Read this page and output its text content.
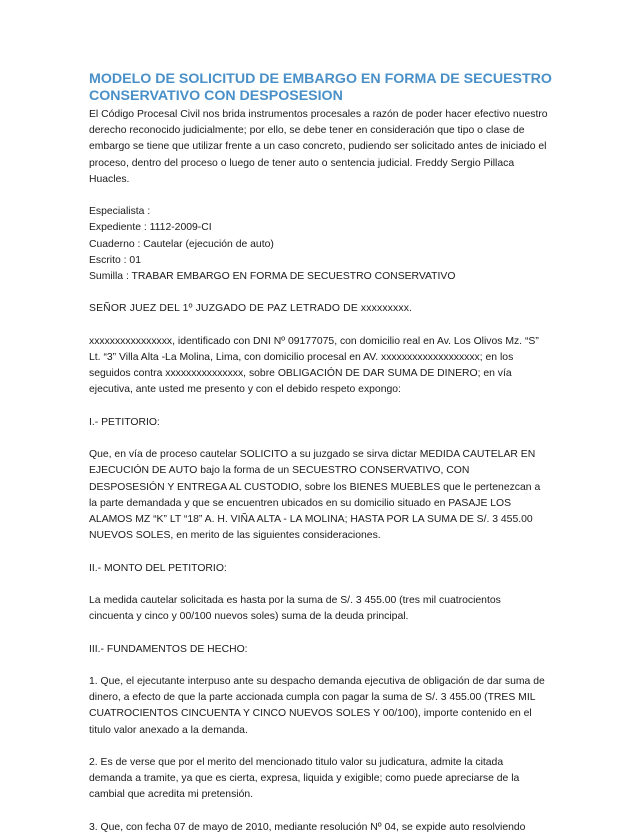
MODELO DE SOLICITUD DE EMBARGO EN FORMA DE SECUESTRO
CONSERVATIVO CON DESPOSESION
El Código Procesal Civil nos brida instrumentos procesales a razón de poder hacer efectivo nuestro
derecho reconocido judicialmente; por ello, se debe tener en consideración que tipo o clase de
embargo se tiene que utilizar frente a un caso concreto, pudiendo ser solicitado antes de iniciado el
proceso, dentro del proceso o luego de tener auto o sentencia judicial. Freddy Sergio Pillaca
Huacles.
Especialista :
Expediente : 1112-2009-CI
Cuaderno : Cautelar (ejecución de auto)
Escrito : 01
Sumilla : TRABAR EMBARGO EN FORMA DE SECUESTRO CONSERVATIVO
SEÑOR JUEZ DEL 1º JUZGADO DE PAZ LETRADO DE xxxxxxxxx.
xxxxxxxxxxxxxxxx, identificado con DNI Nº 09177075, con domicilio real en Av. Los Olivos Mz. “S”
Lt. “3” Villa Alta -La Molina, Lima, con domicilio procesal en AV. xxxxxxxxxxxxxxxxxxx; en los
seguidos contra xxxxxxxxxxxxxxx, sobre OBLIGACIÓN DE DAR SUMA DE DINERO; en vía
ejecutiva, ante usted me presento y con el debido respeto expongo:
I.- PETITORIO:
Que, en vía de proceso cautelar SOLICITO a su juzgado se sirva dictar MEDIDA CAUTELAR EN
EJECUCIÓN DE AUTO bajo la forma de un SECUESTRO CONSERVATIVO, CON
DESPOSESIÓN Y ENTREGA AL CUSTODIO, sobre los BIENES MUEBLES que le pertenezcan a
la parte demandada y que se encuentren ubicados en su domicilio situado en PASAJE LOS
ALAMOS MZ “K” LT “18” A. H. VIÑA ALTA - LA MOLINA; HASTA POR LA SUMA DE S/. 3 455.00
NUEVOS SOLES, en merito de las siguientes consideraciones.
II.- MONTO DEL PETITORIO:
La medida cautelar solicitada es hasta por la suma de S/. 3 455.00 (tres mil cuatrocientos
cincuenta y cinco y 00/100 nuevos soles) suma de la deuda principal.
III.- FUNDAMENTOS DE HECHO:
1. Que, el ejecutante interpuso ante su despacho demanda ejecutiva de obligación de dar suma de
dinero, a efecto de que la parte accionada cumpla con pagar la suma de S/. 3 455.00 (TRES MIL
CUATROCIENTOS CINCUENTA Y CINCO NUEVOS SOLES Y 00/100), importe contenido en el
titulo valor anexado a la demanda.
2. Es de verse que por el merito del mencionado titulo valor su judicatura, admite la citada
demanda a tramite, ya que es cierta, expresa, liquida y exigible; como puede apreciarse de la
cambial que acredita mi pretensión.
3. Que, con fecha 07 de mayo de 2010, mediante resolución Nº 04, se expide auto resolviendo
